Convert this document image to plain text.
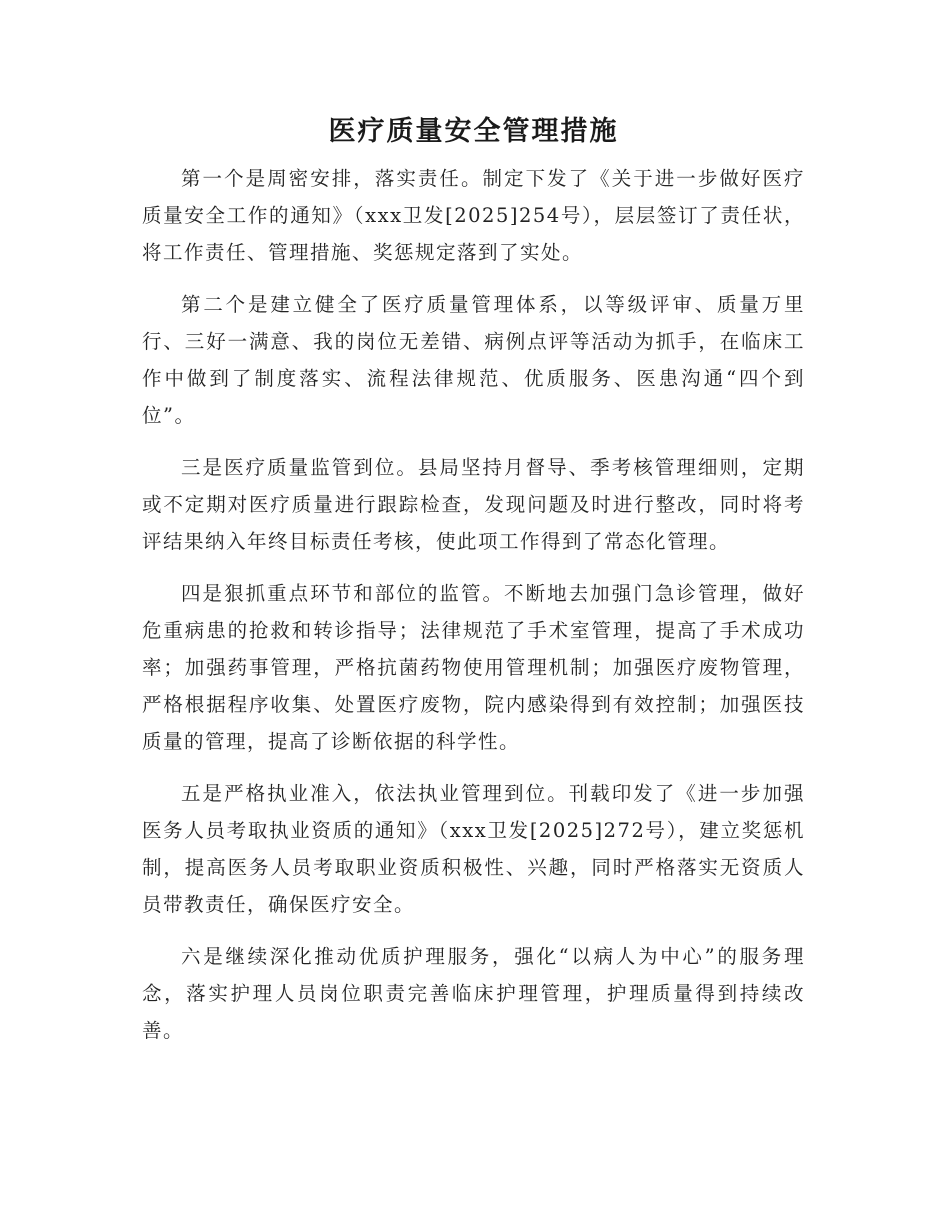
医疗质量安全管理措施

第一个是周密安排，落实责任。制定下发了《关于进一步做好医疗质量安全工作的通知》（xxx卫发[2025]254号），层层签订了责任状，将工作责任、管理措施、奖惩规定落到了实处。

第二个是建立健全了医疗质量管理体系，以等级评审、质量万里行、三好一满意、我的岗位无差错、病例点评等活动为抓手，在临床工作中做到了制度落实、流程法律规范、优质服务、医患沟通“四个到位”。

三是医疗质量监管到位。县局坚持月督导、季考核管理细则，定期或不定期对医疗质量进行跟踪检查，发现问题及时进行整改，同时将考评结果纳入年终目标责任考核，使此项工作得到了常态化管理。

四是狠抓重点环节和部位的监管。不断地去加强门急诊管理，做好危重病患的抢救和转诊指导；法律规范了手术室管理，提高了手术成功率；加强药事管理，严格抗菌药物使用管理机制；加强医疗废物管理，严格根据程序收集、处置医疗废物，院内感染得到有效控制；加强医技质量的管理，提高了诊断依据的科学性。

五是严格执业准入，依法执业管理到位。刊载印发了《进一步加强医务人员考取执业资质的通知》（xxx卫发[2025]272号），建立奖惩机制，提高医务人员考取职业资质积极性、兴趣，同时严格落实无资质人员带教责任，确保医疗安全。

六是继续深化推动优质护理服务，强化“以病人为中心”的服务理念，落实护理人员岗位职责完善临床护理管理，护理质量得到持续改善。
